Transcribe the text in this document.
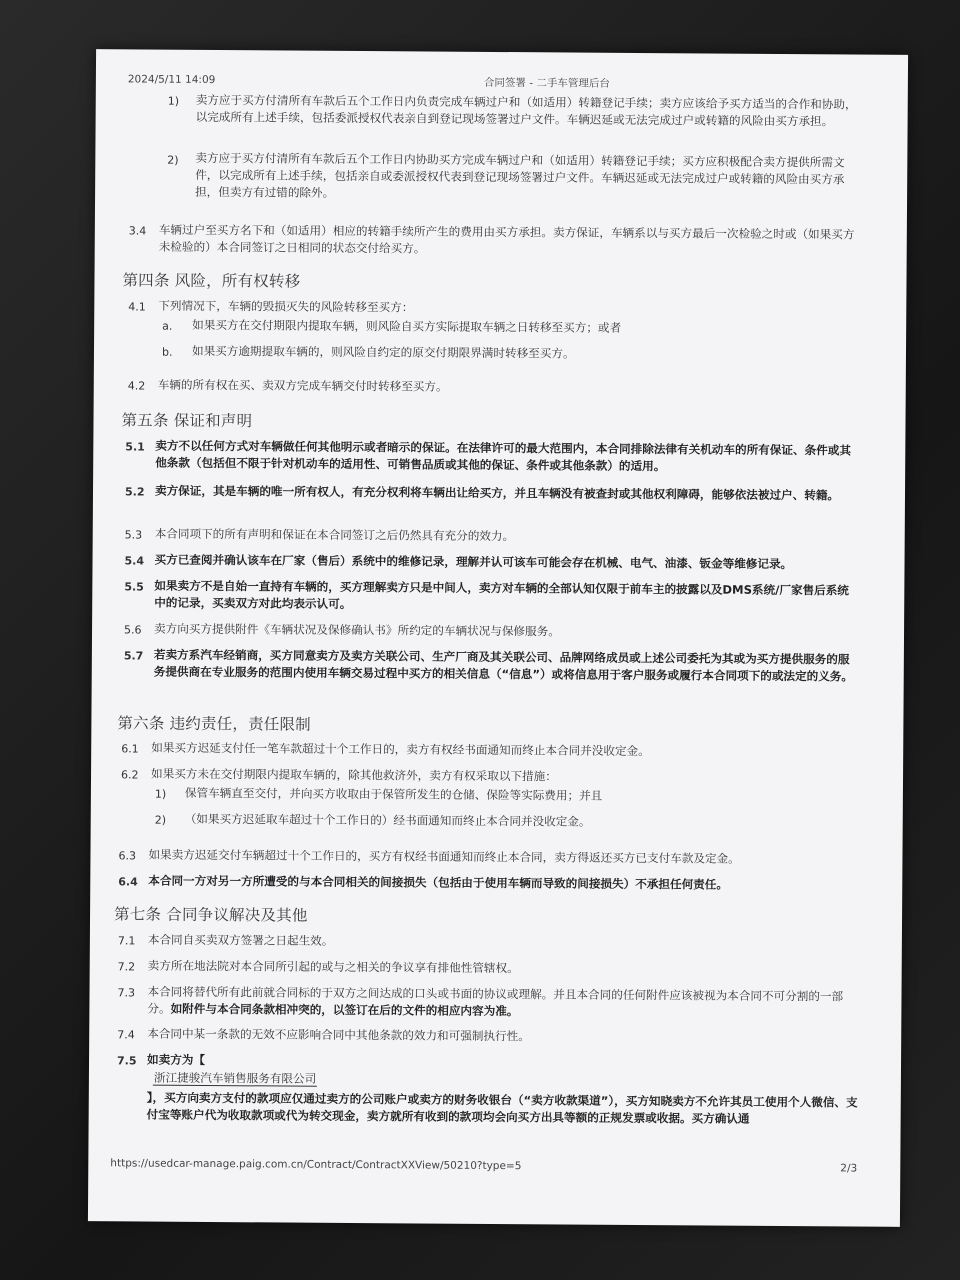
2024/5/11 14:09	合同签署 - 二手车管理后台
1) 卖方应于买方付清所有车款后五个工作日内负责完成车辆过户和（如适用）转籍登记手续；卖方应该给予买方适当的合作和协助，以完成所有上述手续，包括委派授权代表亲自到登记现场签署过户文件。车辆迟延或无法完成过户或转籍的风险由买方承担。
2) 卖方应于买方付清所有车款后五个工作日内协助买方完成车辆过户和（如适用）转籍登记手续；买方应积极配合卖方提供所需文件，以完成所有上述手续，包括亲自或委派授权代表到登记现场签署过户文件。车辆迟延或无法完成过户或转籍的风险由买方承担，但卖方有过错的除外。
3.4 车辆过户至买方名下和（如适用）相应的转籍手续所产生的费用由买方承担。卖方保证，车辆系以与买方最后一次检验之时或（如果买方未检验的）本合同签订之日相同的状态交付给买方。
第四条 风险，所有权转移
4.1 下列情况下，车辆的毁损灭失的风险转移至买方：
a. 如果买方在交付期限内提取车辆，则风险自买方实际提取车辆之日转移至买方；或者
b. 如果买方逾期提取车辆的，则风险自约定的原交付期限界满时转移至买方。
4.2 车辆的所有权在买、卖双方完成车辆交付时转移至买方。
第五条 保证和声明
5.1 卖方不以任何方式对车辆做任何其他明示或者暗示的保证。在法律许可的最大范围内，本合同排除法律有关机动车的所有保证、条件或其他条款（包括但不限于针对机动车的适用性、可销售品质或其他的保证、条件或其他条款）的适用。
5.2 卖方保证，其是车辆的唯一所有权人，有充分权利将车辆出让给买方，并且车辆没有被查封或其他权利障碍，能够依法被过户、转籍。
5.3 本合同项下的所有声明和保证在本合同签订之后仍然具有充分的效力。
5.4 买方已查阅并确认该车在厂家（售后）系统中的维修记录，理解并认可该车可能会存在机械、电气、油漆、钣金等维修记录。
5.5 如果卖方不是自始一直持有车辆的，买方理解卖方只是中间人，卖方对车辆的全部认知仅限于前车主的披露以及DMS系统/厂家售后系统中的记录，买卖双方对此均表示认可。
5.6 卖方向买方提供附件《车辆状况及保修确认书》所约定的车辆状况与保修服务。
5.7 若卖方系汽车经销商，买方同意卖方及卖方关联公司、生产厂商及其关联公司、品牌网络成员或上述公司委托为其或为买方提供服务的服务提供商在专业服务的范围内使用车辆交易过程中买方的相关信息（“信息”）或将信息用于客户服务或履行本合同项下的或法定的义务。
第六条 违约责任，责任限制
6.1 如果买方迟延支付任一笔车款超过十个工作日的，卖方有权经书面通知而终止本合同并没收定金。
6.2 如果买方未在交付期限内提取车辆的，除其他救济外，卖方有权采取以下措施：
1) 保管车辆直至交付，并向买方收取由于保管所发生的仓储、保险等实际费用；并且
2) （如果买方迟延取车超过十个工作日的）经书面通知而终止本合同并没收定金。
6.3 如果卖方迟延交付车辆超过十个工作日的，买方有权经书面通知而终止本合同，卖方得返还买方已支付车款及定金。
6.4 本合同一方对另一方所遭受的与本合同相关的间接损失（包括由于使用车辆而导致的间接损失）不承担任何责任。
第七条 合同争议解决及其他
7.1 本合同自买卖双方签署之日起生效。
7.2 卖方所在地法院对本合同所引起的或与之相关的争议享有排他性管辖权。
7.3 本合同将替代所有此前就合同标的于双方之间达成的口头或书面的协议或理解。并且本合同的任何附件应该被视为本合同不可分割的一部分。如附件与本合同条款相冲突的，以签订在后的文件的相应内容为准。
7.4 本合同中某一条款的无效不应影响合同中其他条款的效力和可强制执行性。
7.5 如卖方为【
浙江捷骏汽车销售服务有限公司
】，买方向卖方支付的款项应仅通过卖方的公司账户或卖方的财务收银台（“卖方收款渠道”），买方知晓卖方不允许其员工使用个人微信、支付宝等账户代为收取款项或代为转交现金，卖方就所有收到的款项均会向买方出具等额的正规发票或收据。买方确认通
https://usedcar-manage.paig.com.cn/Contract/ContractXXView/50210?type=5	2/3
